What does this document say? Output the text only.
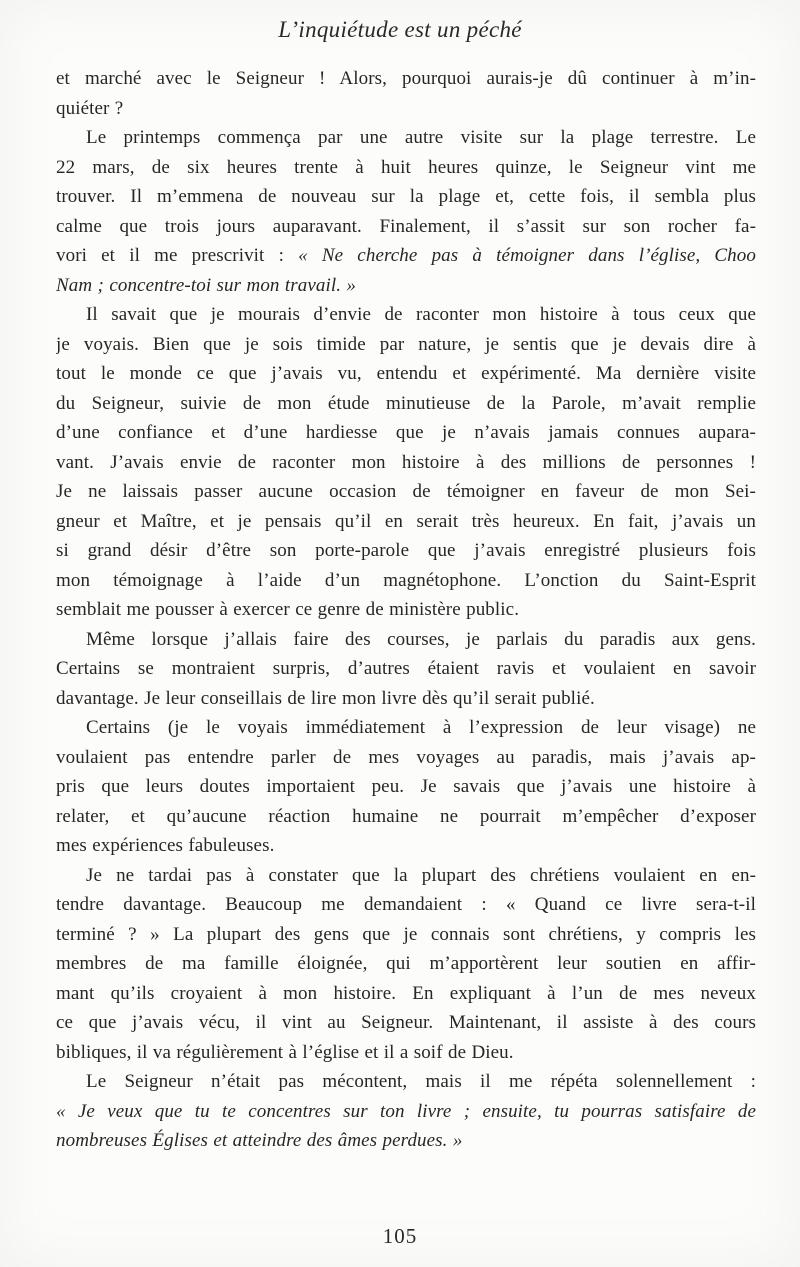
L’inquiétude est un péché
et marché avec le Seigneur ! Alors, pourquoi aurais-je dû continuer à m’in-
quiéter ?
Le printemps commença par une autre visite sur la plage terrestre. Le
22 mars, de six heures trente à huit heures quinze, le Seigneur vint me
trouver. Il m’emmena de nouveau sur la plage et, cette fois, il sembla plus
calme que trois jours auparavant. Finalement, il s’assit sur son rocher fa-
vori et il me prescrivit : « Ne cherche pas à témoigner dans l’église, Choo
Nam ; concentre-toi sur mon travail. »
Il savait que je mourais d’envie de raconter mon histoire à tous ceux que
je voyais. Bien que je sois timide par nature, je sentis que je devais dire à
tout le monde ce que j’avais vu, entendu et expérimenté. Ma dernière visite
du Seigneur, suivie de mon étude minutieuse de la Parole, m’avait remplie
d’une confiance et d’une hardiesse que je n’avais jamais connues aupara-
vant. J’avais envie de raconter mon histoire à des millions de personnes !
Je ne laissais passer aucune occasion de témoigner en faveur de mon Sei-
gneur et Maître, et je pensais qu’il en serait très heureux. En fait, j’avais un
si grand désir d’être son porte-parole que j’avais enregistré plusieurs fois
mon témoignage à l’aide d’un magnétophone. L’onction du Saint-Esprit
semblait me pousser à exercer ce genre de ministère public.
Même lorsque j’allais faire des courses, je parlais du paradis aux gens.
Certains se montraient surpris, d’autres étaient ravis et voulaient en savoir
davantage. Je leur conseillais de lire mon livre dès qu’il serait publié.
Certains (je le voyais immédiatement à l’expression de leur visage) ne
voulaient pas entendre parler de mes voyages au paradis, mais j’avais ap-
pris que leurs doutes importaient peu. Je savais que j’avais une histoire à
relater, et qu’aucune réaction humaine ne pourrait m’empêcher d’exposer
mes expériences fabuleuses.
Je ne tardai pas à constater que la plupart des chrétiens voulaient en en-
tendre davantage. Beaucoup me demandaient : « Quand ce livre sera-t-il
terminé ? » La plupart des gens que je connais sont chrétiens, y compris les
membres de ma famille éloignée, qui m’apportèrent leur soutien en affir-
mant qu’ils croyaient à mon histoire. En expliquant à l’un de mes neveux
ce que j’avais vécu, il vint au Seigneur. Maintenant, il assiste à des cours
bibliques, il va régulièrement à l’église et il a soif de Dieu.
Le Seigneur n’était pas mécontent, mais il me répéta solennellement :
« Je veux que tu te concentres sur ton livre ; ensuite, tu pourras satisfaire de
nombreuses Églises et atteindre des âmes perdues. »
105
